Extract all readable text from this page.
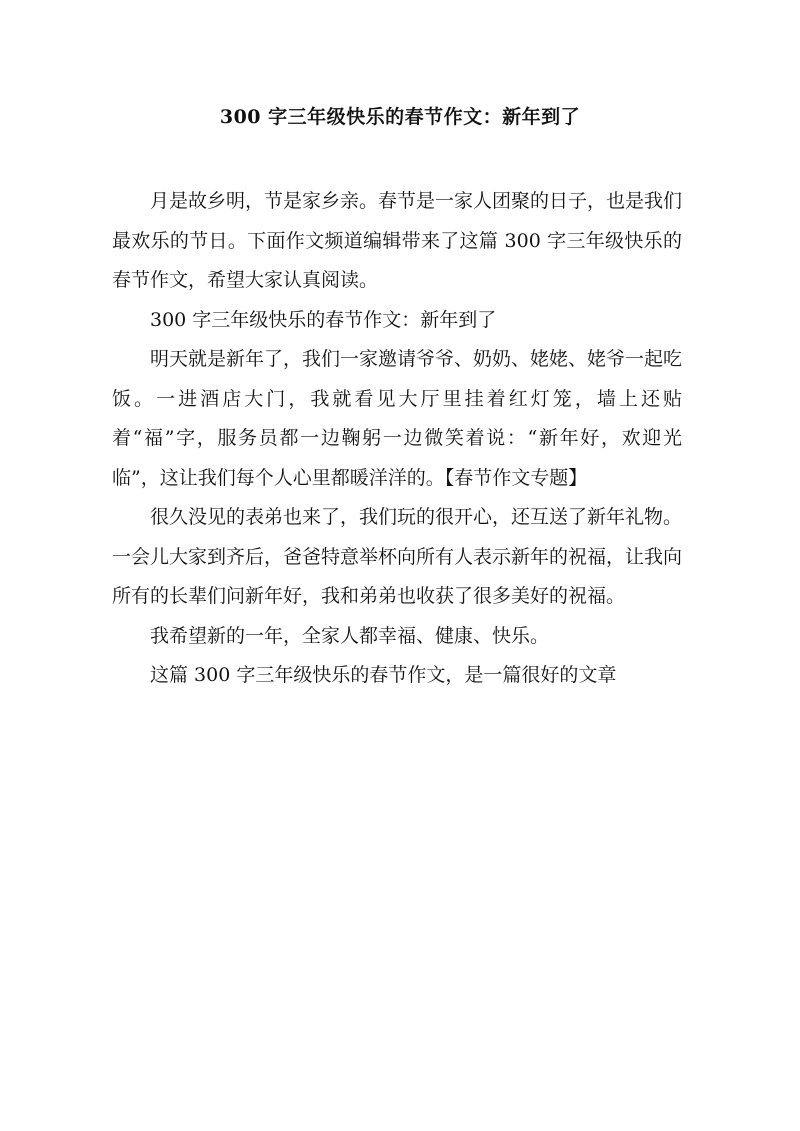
300 字三年级快乐的春节作文：新年到了

月是故乡明，节是家乡亲。春节是一家人团聚的日子，也是我们最欢乐的节日。下面作文频道编辑带来了这篇 300 字三年级快乐的春节作文，希望大家认真阅读。

300 字三年级快乐的春节作文：新年到了

明天就是新年了，我们一家邀请爷爷、奶奶、姥姥、姥爷一起吃饭。一进酒店大门，我就看见大厅里挂着红灯笼，墙上还贴着“福”字，服务员都一边鞠躬一边微笑着说：“新年好，欢迎光临”，这让我们每个人心里都暖洋洋的。【春节作文专题】

很久没见的表弟也来了，我们玩的很开心，还互送了新年礼物。一会儿大家到齐后，爸爸特意举杯向所有人表示新年的祝福，让我向所有的长辈们问新年好，我和弟弟也收获了很多美好的祝福。

我希望新的一年，全家人都幸福、健康、快乐。

这篇 300 字三年级快乐的春节作文，是一篇很好的文章
